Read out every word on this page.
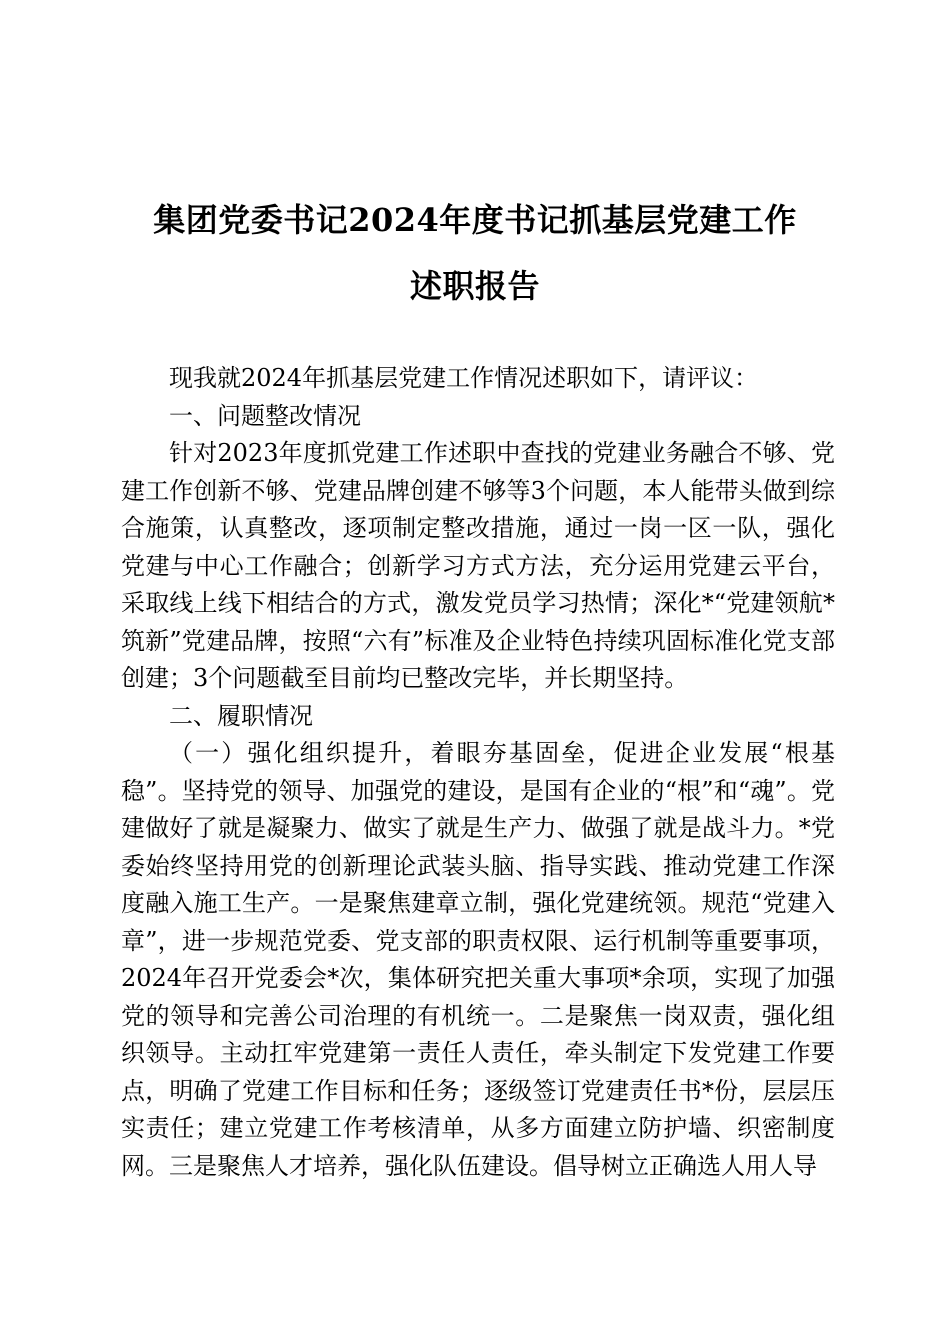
集团党委书记2024年度书记抓基层党建工作
述职报告

现我就2024年抓基层党建工作情况述职如下，请评议：

一、问题整改情况

针对2023年度抓党建工作述职中查找的党建业务融合不够、党建工作创新不够、党建品牌创建不够等3个问题，本人能带头做到综合施策，认真整改，逐项制定整改措施，通过一岗一区一队，强化党建与中心工作融合；创新学习方式方法，充分运用党建云平台，采取线上线下相结合的方式，激发党员学习热情；深化*“党建领航*筑新”党建品牌，按照“六有”标准及企业特色持续巩固标准化党支部创建；3个问题截至目前均已整改完毕，并长期坚持。

二、履职情况

（一）强化组织提升，着眼夯基固垒，促进企业发展“根基稳”。坚持党的领导、加强党的建设，是国有企业的“根”和“魂”。党建做好了就是凝聚力、做实了就是生产力、做强了就是战斗力。*党委始终坚持用党的创新理论武装头脑、指导实践、推动党建工作深度融入施工生产。一是聚焦建章立制，强化党建统领。规范“党建入章”，进一步规范党委、党支部的职责权限、运行机制等重要事项，2024年召开党委会*次，集体研究把关重大事项*余项，实现了加强党的领导和完善公司治理的有机统一。二是聚焦一岗双责，强化组织领导。主动扛牢党建第一责任人责任，牵头制定下发党建工作要点，明确了党建工作目标和任务；逐级签订党建责任书*份，层层压实责任；建立党建工作考核清单，从多方面建立防护墙、织密制度网。三是聚焦人才培养，强化队伍建设。倡导树立正确选人用人导
